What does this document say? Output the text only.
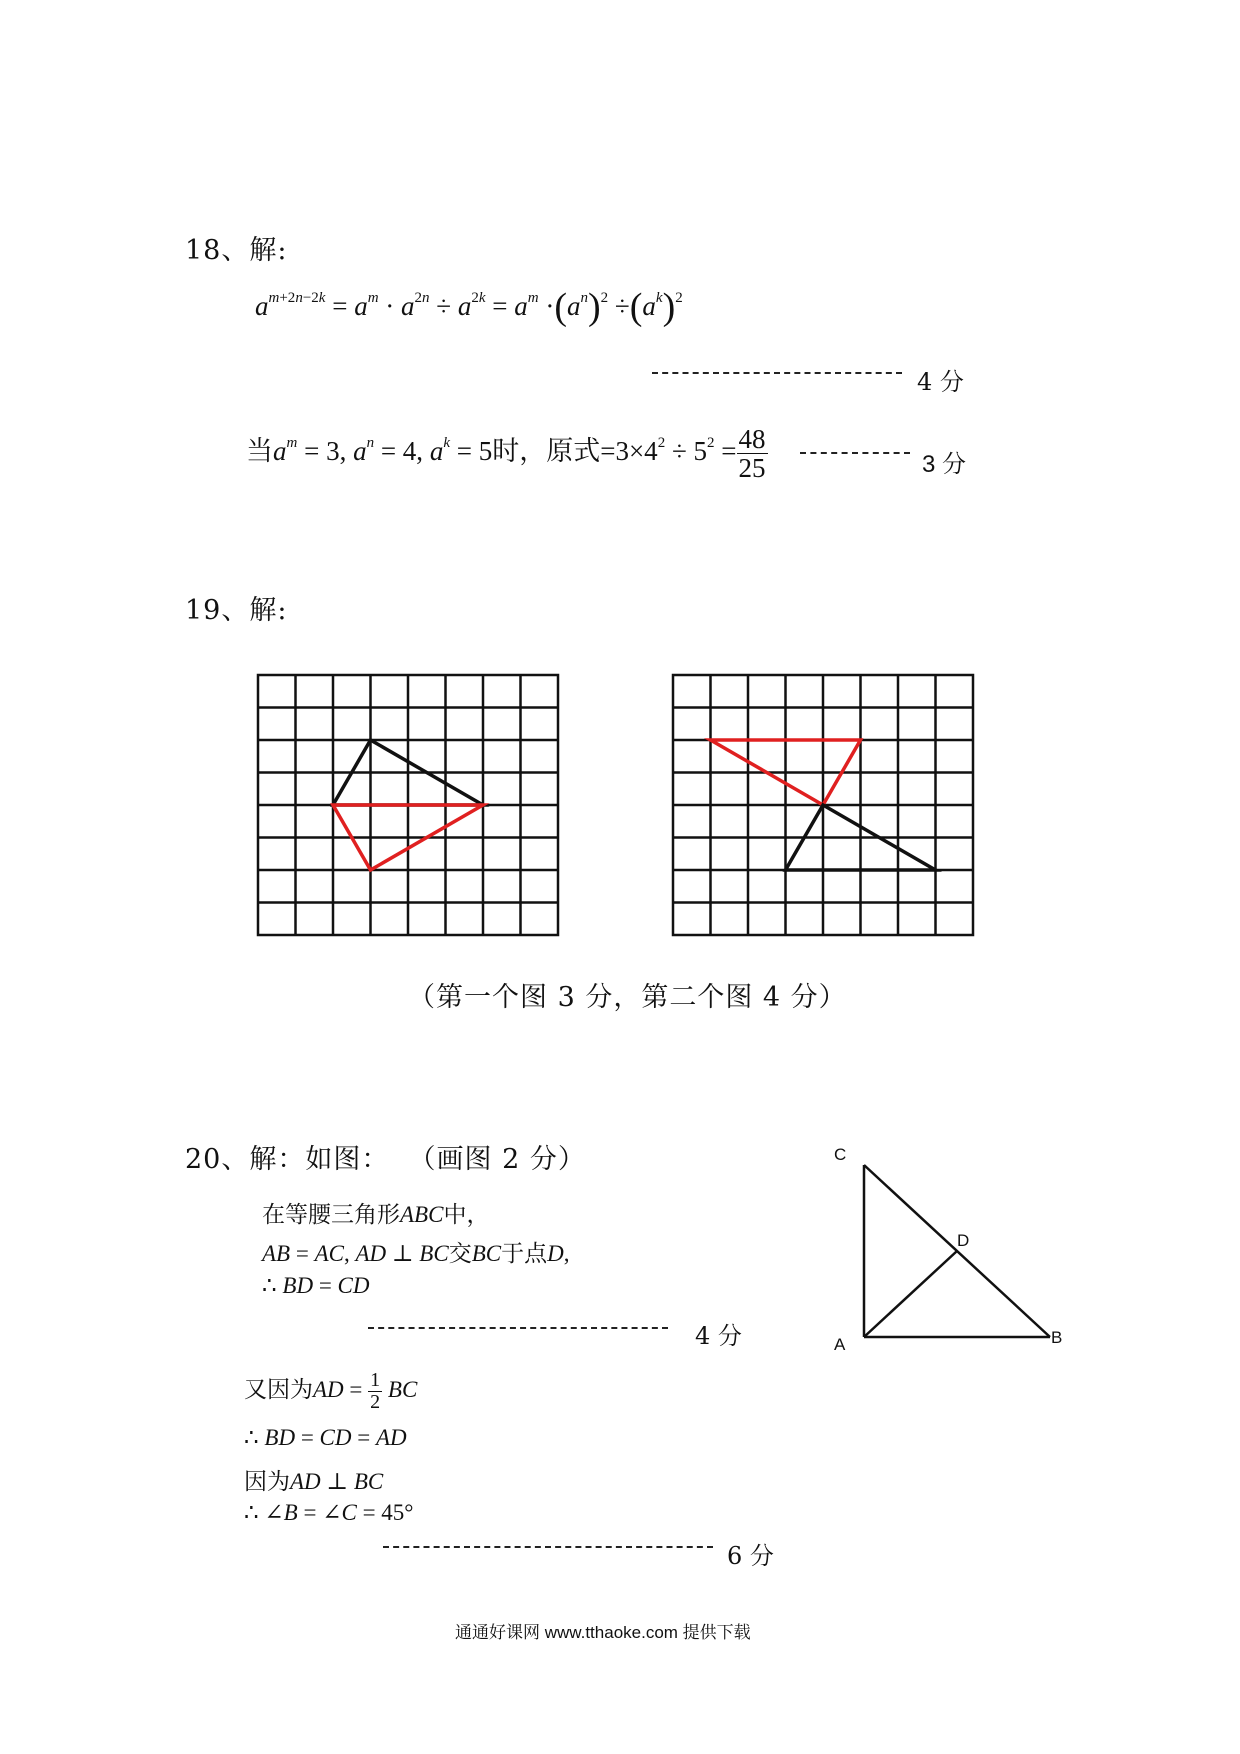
18、解:
$a^{m+2n-2k} = a^m \cdot a^{2n} \div a^{2k} = a^m \cdot(a^n)^2 \div(a^k)^2$
4 分
当$a^m = 3$, $a^n = 4$, $a^k = 5$时，原式$=3\times 4^2 \div 5^2 = \frac{48}{25}$	3 分
19、解:
（第一个图 3 分，第二个图 4 分）
20、解：如图： （画图 2 分）
在等腰三角形ABC中，
AB = AC, AD ⊥ BC交BC于点D,
∴ BD = CD
4 分
又因为AD = $\frac{1}{2}$ BC
∴ BD = CD = AD
因为AD ⊥ BC
∴ ∠B = ∠C = 45°
6 分
C
D
A	B
通通好课网 www.tthaoke.com 提供下载
